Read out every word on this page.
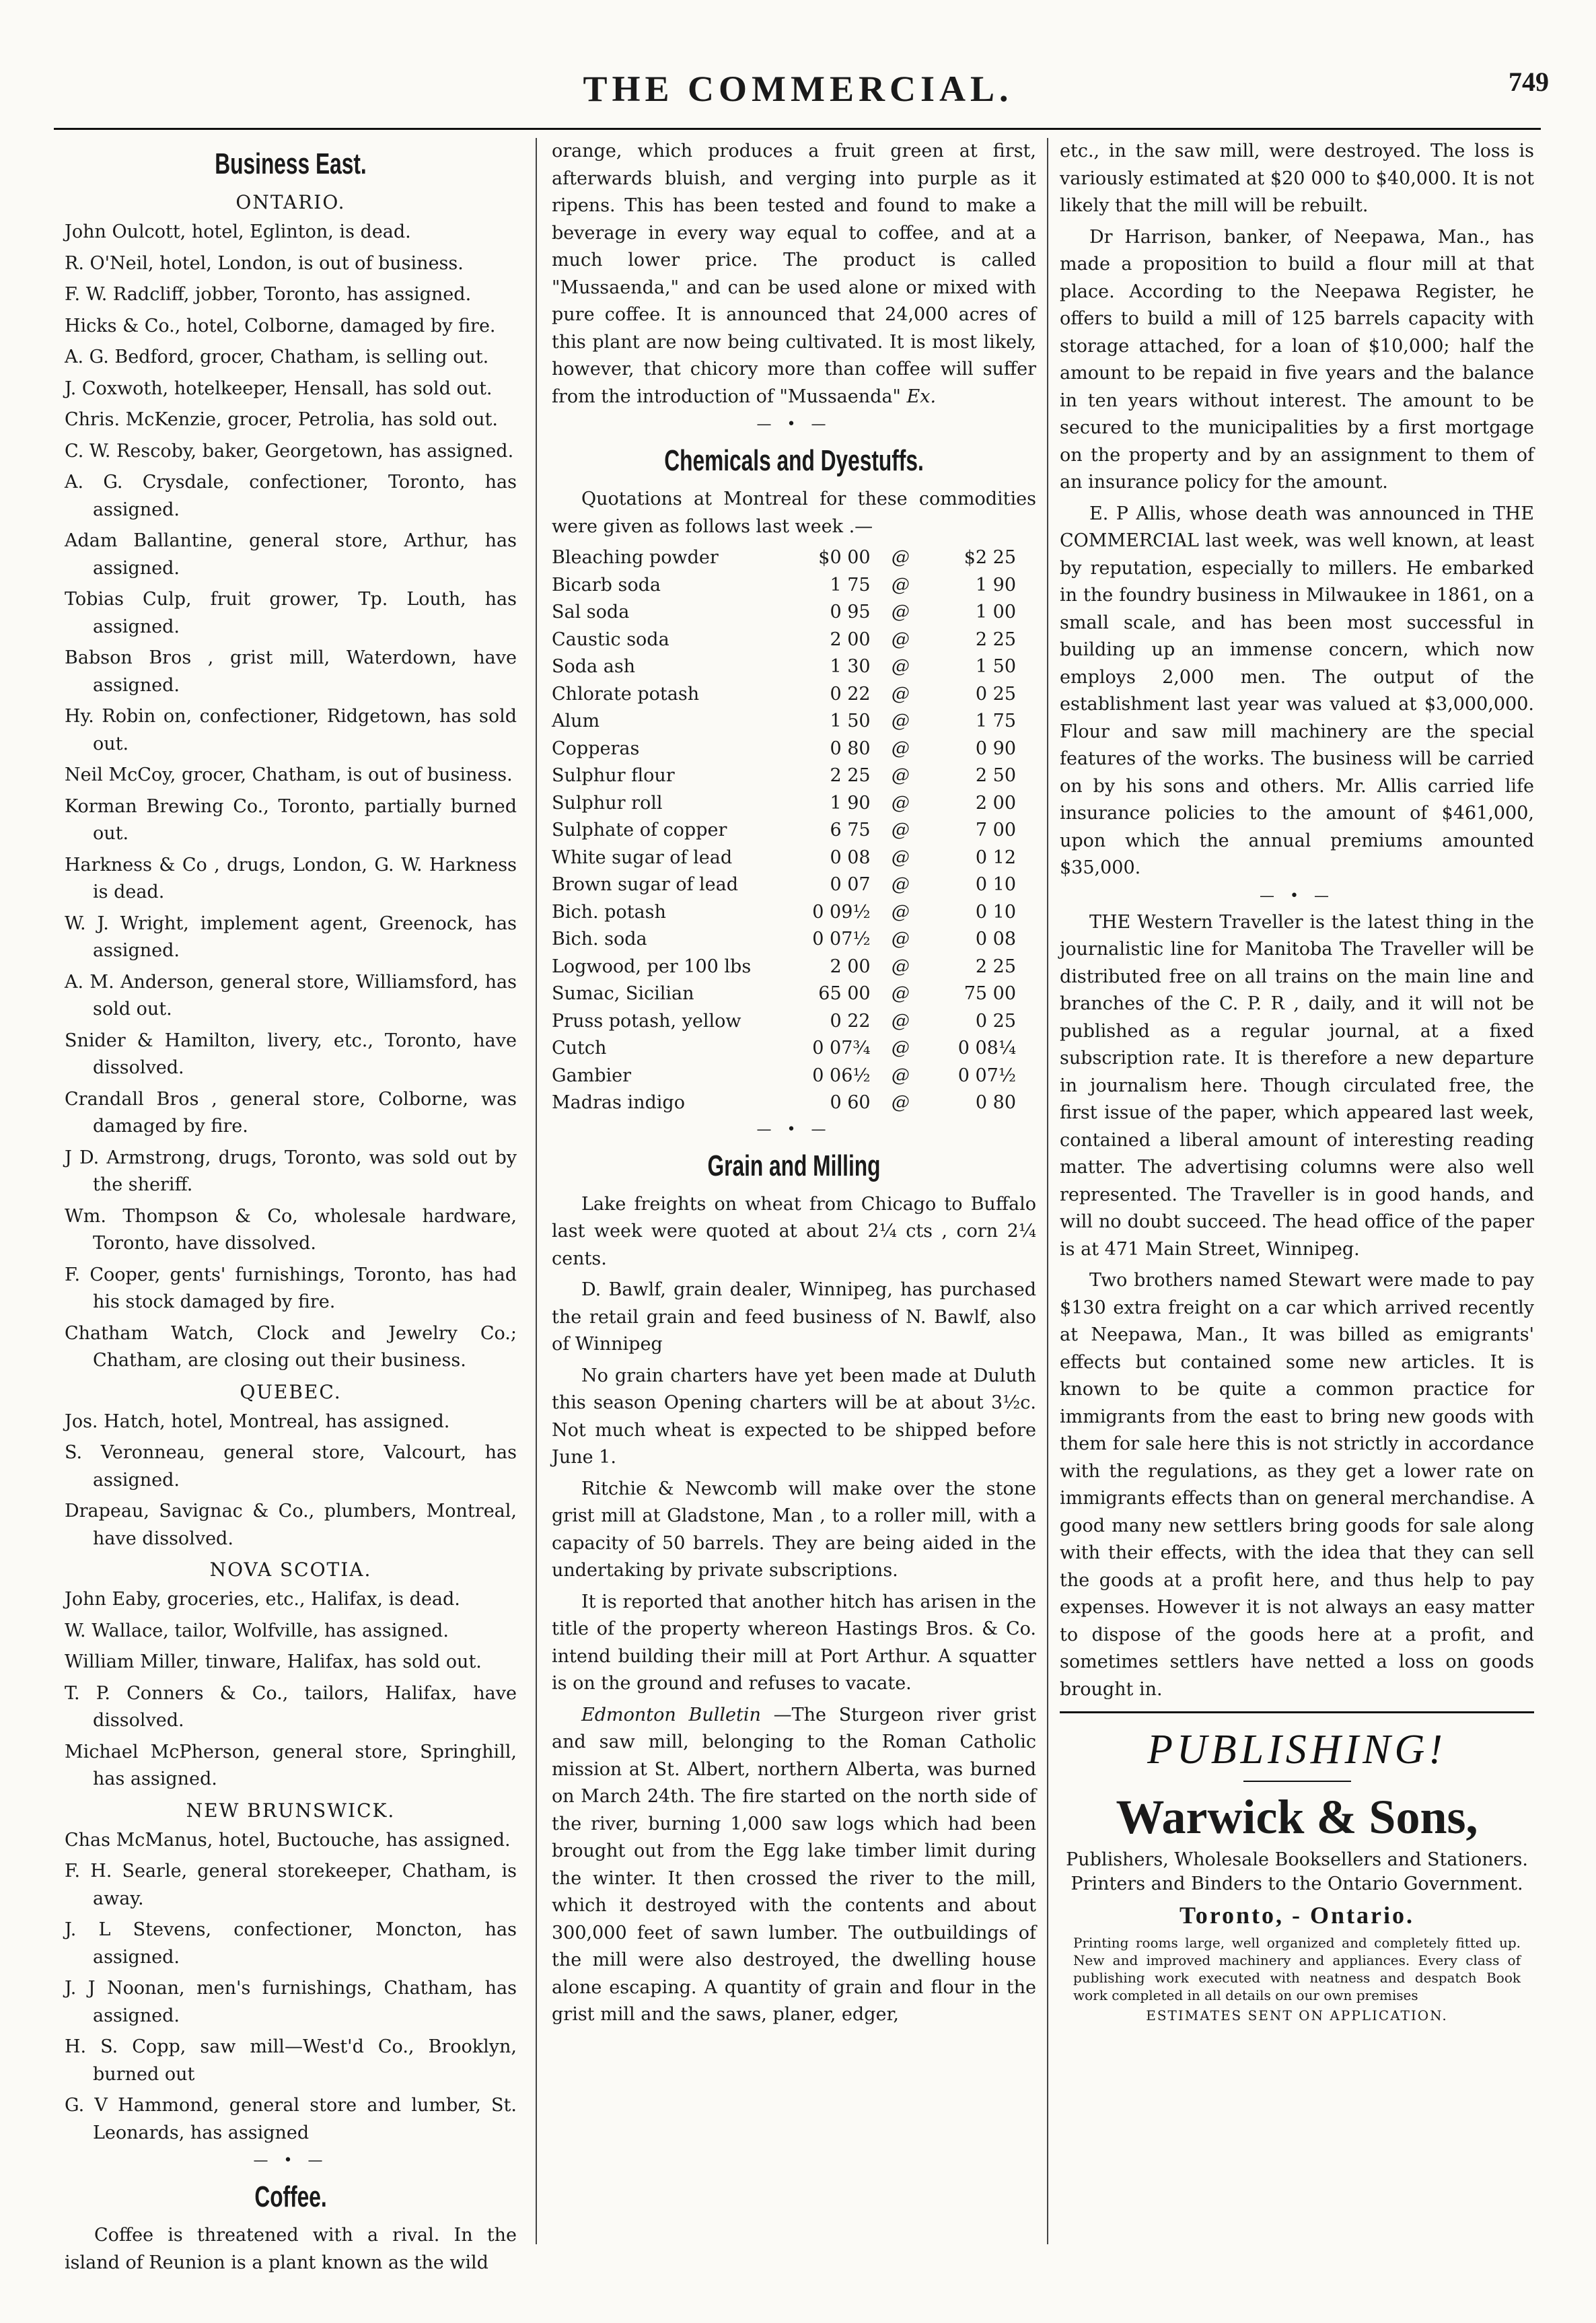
THE COMMERCIAL.	749
Business East.
ONTARIO.

John Oulcott, hotel, Eglinton, is dead.

R. O'Neil, hotel, London, is out of business.

F. W. Radcliff, jobber, Toronto, has assigned.

Hicks & Co., hotel, Colborne, damaged by fire.

A. G. Bedford, grocer, Chatham, is selling out.

J. Coxwoth, hotelkeeper, Hensall, has sold out.

Chris. McKenzie, grocer, Petrolia, has sold out.

C. W. Rescoby, baker, Georgetown, has assigned.

A. G. Crysdale, confectioner, Toronto, has assigned.

Adam Ballantine, general store, Arthur, has assigned.

Tobias Culp, fruit grower, Tp. Louth, has assigned.

Babson Bros , grist mill, Waterdown, have assigned.

Hy. Robin on, confectioner, Ridgetown, has sold out.

Neil McCoy, grocer, Chatham, is out of business.

Korman Brewing Co., Toronto, partially burned out.

Harkness & Co , drugs, London, G. W. Harkness is dead.

W. J. Wright, implement agent, Greenock, has assigned.

A. M. Anderson, general store, Williamsford, has sold out.

Snider & Hamilton, livery, etc., Toronto, have dissolved.

Crandall Bros , general store, Colborne, was damaged by fire.

J D. Armstrong, drugs, Toronto, was sold out by the sheriff.

Wm. Thompson & Co, wholesale hardware, Toronto, have dissolved.

F. Cooper, gents' furnishings, Toronto, has had his stock damaged by fire.

Chatham Watch, Clock and Jewelry Co.; Chatham, are closing out their business.

QUEBEC.

Jos. Hatch, hotel, Montreal, has assigned.

S. Veronneau, general store, Valcourt, has assigned.

Drapeau, Savignac & Co., plumbers, Montreal, have dissolved.

NOVA SCOTIA.

John Eaby, groceries, etc., Halifax, is dead.

W. Wallace, tailor, Wolfville, has assigned.

William Miller, tinware, Halifax, has sold out.

T. P. Conners & Co., tailors, Halifax, have dissolved.

Michael McPherson, general store, Springhill, has assigned.

NEW BRUNSWICK.

Chas McManus, hotel, Buctouche, has assigned.

F. H. Searle, general storekeeper, Chatham, is away.

J. L Stevens, confectioner, Moncton, has assigned.

J. J Noonan, men's furnishings, Chatham, has assigned.

H. S. Copp, saw mill—West'd Co., Brooklyn, burned out

G. V Hammond, general store and lumber, St. Leonards, has assigned

— • —
Coffee.

Coffee is threatened with a rival. In the island of Reunion is a plant known as the wild

orange, which produces a fruit green at first, afterwards bluish, and verging into purple as it ripens. This has been tested and found to make a beverage in every way equal to coffee, and at a much lower price. The product is called "Mussaenda," and can be used alone or mixed with pure coffee. It is announced that 24,000 acres of this plant are now being cultivated. It is most likely, however, that chicory more than coffee will suffer from the introduction of "Mussaenda" Ex.

— • —
Chemicals and Dyestuffs.

Quotations at Montreal for these commodities were given as follows last week .—

Bleaching powder	$0 00	@	$2 25
Bicarb soda	1 75	@	1 90
Sal soda	0 95	@	1 00
Caustic soda	2 00	@	2 25
Soda ash	1 30	@	1 50
Chlorate potash	0 22	@	0 25
Alum	1 50	@	1 75
Copperas	0 80	@	0 90
Sulphur flour	2 25	@	2 50
Sulphur roll	1 90	@	2 00
Sulphate of copper	6 75	@	7 00
White sugar of lead	0 08	@	0 12
Brown sugar of lead	0 07	@	0 10
Bich. potash	0 09½	@	0 10
Bich. soda	0 07½	@	0 08
Logwood, per 100 lbs	2 00	@	2 25
Sumac, Sicilian	65 00	@	75 00
Pruss potash, yellow	0 22	@	0 25
Cutch	0 07¾	@	0 08¼
Gambier	0 06½	@	0 07½
Madras indigo	0 60	@	0 80
— • —
Grain and Milling

Lake freights on wheat from Chicago to Buffalo last week were quoted at about 2¼ cts , corn 2¼ cents.

D. Bawlf, grain dealer, Winnipeg, has purchased the retail grain and feed business of N. Bawlf, also of Winnipeg

No grain charters have yet been made at Duluth this season Opening charters will be at about 3½c. Not much wheat is expected to be shipped before June 1.

Ritchie & Newcomb will make over the stone grist mill at Gladstone, Man , to a roller mill, with a capacity of 50 barrels. They are being aided in the undertaking by private subscriptions.

It is reported that another hitch has arisen in the title of the property whereon Hastings Bros. & Co. intend building their mill at Port Arthur. A squatter is on the ground and refuses to vacate.

Edmonton Bulletin —The Sturgeon river grist and saw mill, belonging to the Roman Catholic mission at St. Albert, northern Alberta, was burned on March 24th. The fire started on the north side of the river, burning 1,000 saw logs which had been brought out from the Egg lake timber limit during the winter. It then crossed the river to the mill, which it destroyed with the contents and about 300,000 feet of sawn lumber. The outbuildings of the mill were also destroyed, the dwelling house alone escaping. A quantity of grain and flour in the grist mill and the saws, planer, edger,

etc., in the saw mill, were destroyed. The loss is variously estimated at $20 000 to $40,000. It is not likely that the mill will be rebuilt.

Dr Harrison, banker, of Neepawa, Man., has made a proposition to build a flour mill at that place. According to the Neepawa Register, he offers to build a mill of 125 barrels capacity with storage attached, for a loan of $10,000; half the amount to be repaid in five years and the balance in ten years without interest. The amount to be secured to the municipalities by a first mortgage on the property and by an assignment to them of an insurance policy for the amount.

E. P Allis, whose death was announced in THE COMMERCIAL last week, was well known, at least by reputation, especially to millers. He embarked in the foundry business in Milwaukee in 1861, on a small scale, and has been most successful in building up an immense concern, which now employs 2,000 men. The output of the establishment last year was valued at $3,000,000. Flour and saw mill machinery are the special features of the works. The business will be carried on by his sons and others. Mr. Allis carried life insurance policies to the amount of $461,000, upon which the annual premiums amounted $35,000.

— • —

THE Western Traveller is the latest thing in the journalistic line for Manitoba The Traveller will be distributed free on all trains on the main line and branches of the C. P. R , daily, and it will not be published as a regular journal, at a fixed subscription rate. It is therefore a new departure in journalism here. Though circulated free, the first issue of the paper, which appeared last week, contained a liberal amount of interesting reading matter. The advertising columns were also well represented. The Traveller is in good hands, and will no doubt succeed. The head office of the paper is at 471 Main Street, Winnipeg.

Two brothers named Stewart were made to pay $130 extra freight on a car which arrived recently at Neepawa, Man., It was billed as emigrants' effects but contained some new articles. It is known to be quite a common practice for immigrants from the east to bring new goods with them for sale here this is not strictly in accordance with the regulations, as they get a lower rate on immigrants effects than on general merchandise. A good many new settlers bring goods for sale along with their effects, with the idea that they can sell the goods at a profit here, and thus help to pay expenses. However it is not always an easy matter to dispose of the goods here at a profit, and sometimes settlers have netted a loss on goods brought in.

PUBLISHING!
Warwick & Sons,
Publishers, Wholesale Booksellers and Stationers. Printers and Binders to the Ontario Government.
Toronto, - Ontario.
Printing rooms large, well organized and completely fitted up. New and improved machinery and appliances. Every class of publishing work executed with neatness and despatch Book work completed in all details on our own premises
ESTIMATES SENT ON APPLICATION.
